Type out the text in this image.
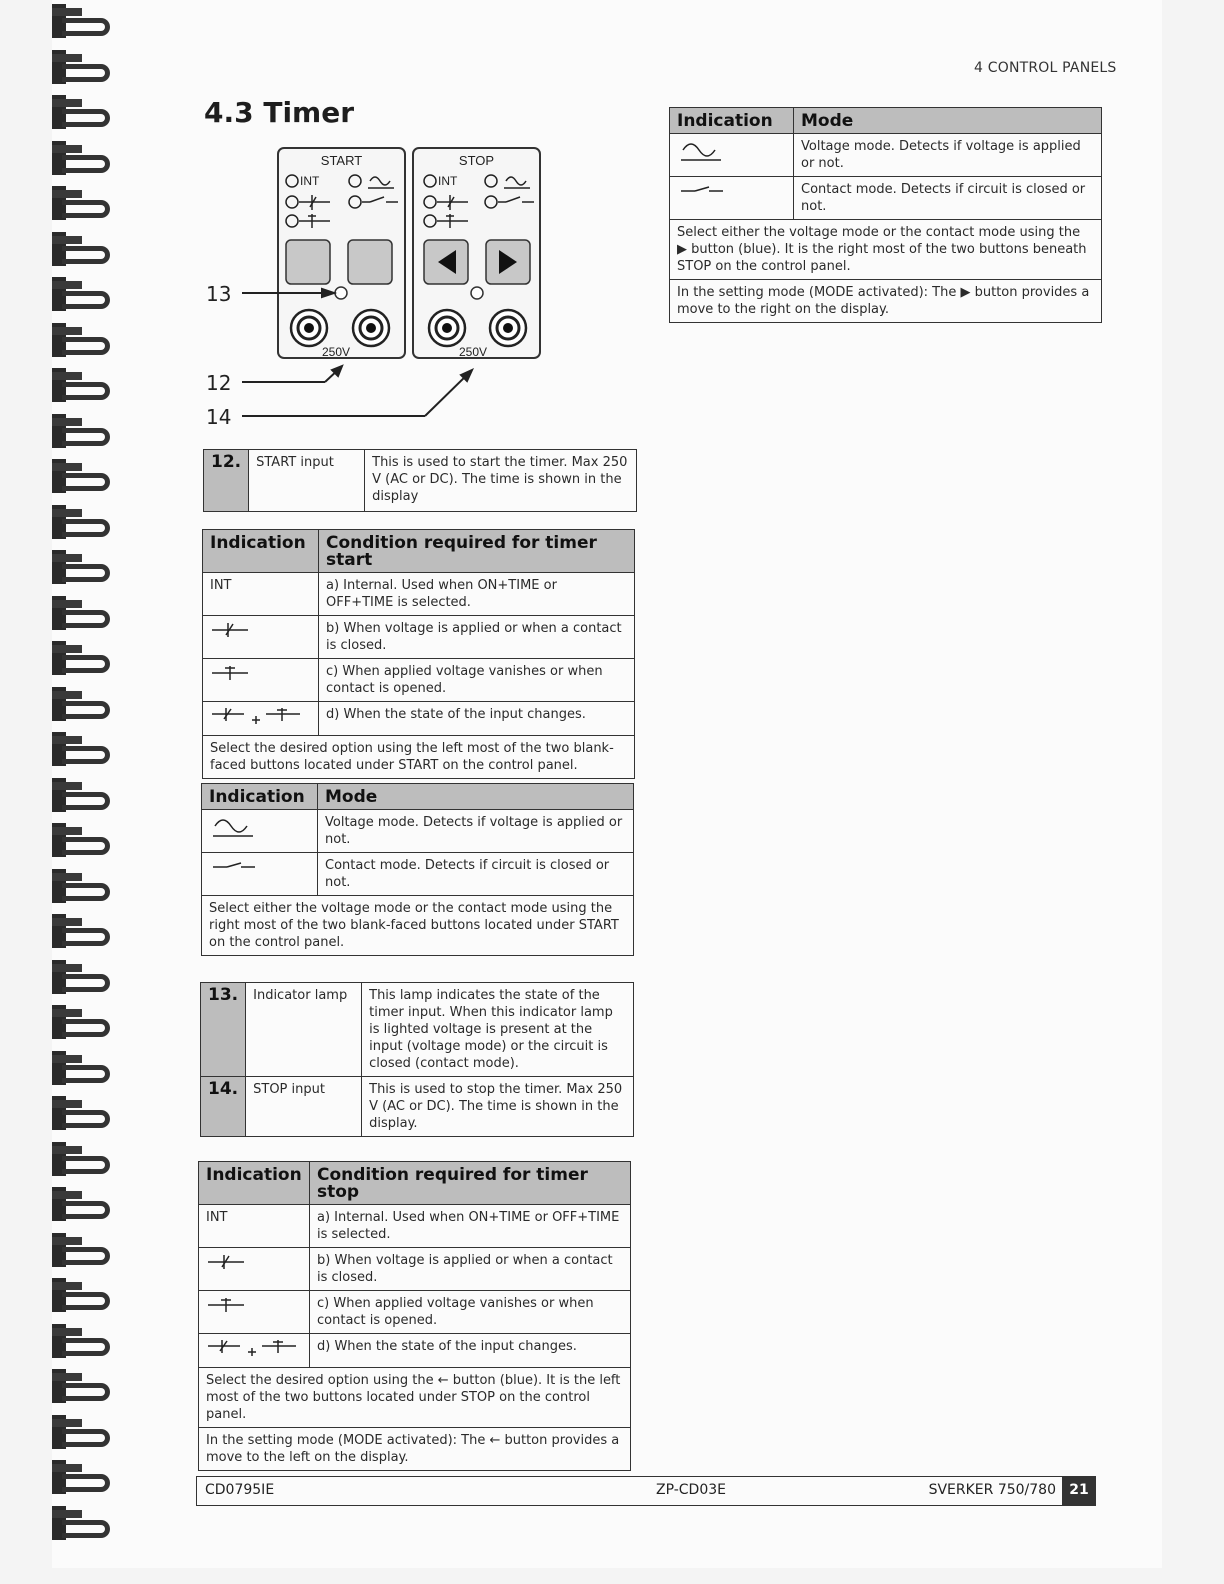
4 CONTROL PANELS
4.3 Timer
START	STOP
INT	INT
250V	250V
13
12
14
12.	START input	This is used to start the timer. Max 250 V (AC or DC). The time is shown in the display
Indication	Condition required for timer start
INT	a) Internal. Used when ON+TIME or OFF+TIME is selected.
	b) When voltage is applied or when a contact is closed.
	c) When applied voltage vanishes or when contact is opened.
	d) When the state of the input changes.
Select the desired option using the left most of the two blank-faced buttons located under START on the control panel.	
Indication	Mode
	Voltage mode. Detects if voltage is applied or not.
	Contact mode. Detects if circuit is closed or not.
Select either the voltage mode or the contact mode using the right most of the two blank-faced buttons located under START on the control panel.	
13.	Indicator lamp	This lamp indicates the state of the timer input. When this indicator lamp is lighted voltage is present at the input (voltage mode) or the circuit is closed (contact mode).
14.	STOP input	This is used to stop the timer. Max 250 V (AC or DC). The time is shown in the display.
Indication	Condition required for timer stop
INT	a) Internal. Used when ON+TIME or OFF+TIME is selected.
	b) When voltage is applied or when a contact is closed.
	c) When applied voltage vanishes or when contact is opened.
	d) When the state of the input changes.
Select the desired option using the ← button (blue). It is the left most of the two buttons located under STOP on the control panel.	
In the setting mode (MODE activated): The ← button provides a move to the left on the display.	
Indication	Mode
	Voltage mode. Detects if voltage is applied or not.
	Contact mode. Detects if circuit is closed or not.
Select either the voltage mode or the contact mode using the ▶ button (blue). It is the right most of the two buttons beneath STOP on the control panel.	
In the setting mode (MODE activated): The ▶ button provides a move to the right on the display.	
CD0795IE	ZP-CD03E	SVERKER 750/780 21
